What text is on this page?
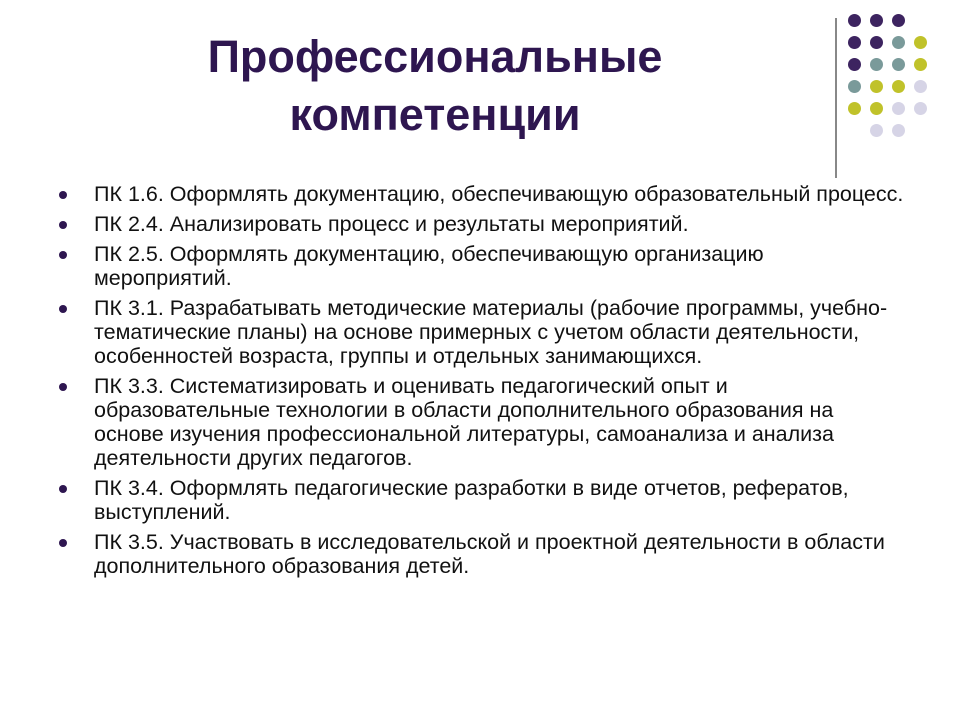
Профессиональные
компетенции
ПК 1.6. Оформлять документацию, обеспечивающую образовательный процесс.
ПК 2.4. Анализировать процесс и результаты мероприятий.
ПК 2.5. Оформлять документацию, обеспечивающую организацию мероприятий.
ПК 3.1. Разрабатывать методические материалы (рабочие программы, учебно-тематические планы) на основе примерных с учетом области деятельности, особенностей возраста, группы и отдельных занимающихся.
ПК 3.3. Систематизировать и оценивать педагогический опыт и образовательные технологии в области дополнительного образования на основе изучения профессиональной литературы, самоанализа и анализа деятельности других педагогов.
ПК 3.4. Оформлять педагогические разработки в виде отчетов, рефератов, выступлений.
ПК 3.5. Участвовать в исследовательской и проектной деятельности в области дополнительного образования детей.
